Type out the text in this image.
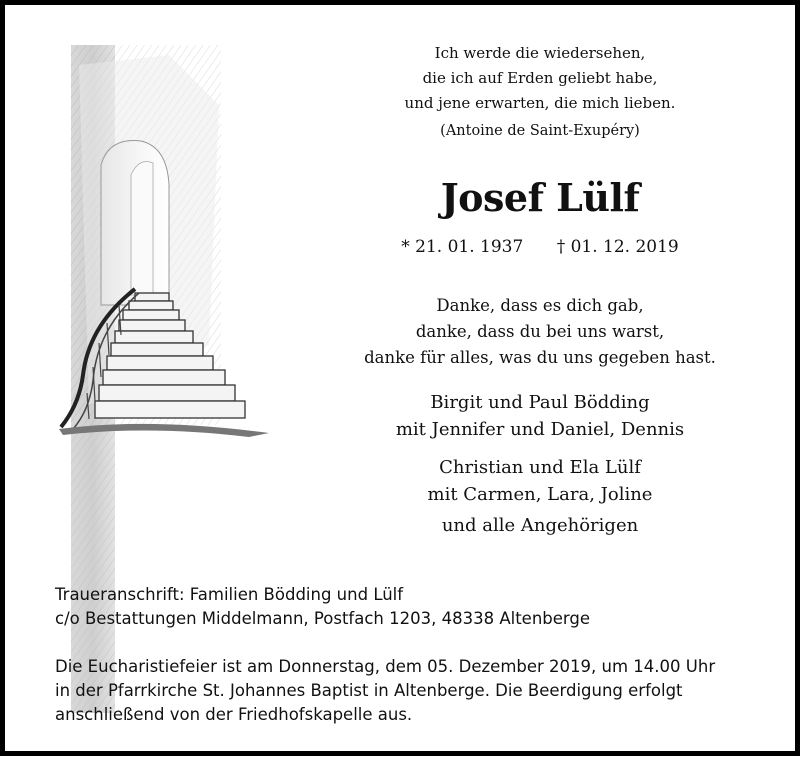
Ich werde die wiedersehen,
die ich auf Erden geliebt habe,
und jene erwarten, die mich lieben.
(Antoine de Saint-Exupéry)
Josef Lülf
* 21. 01. 1937 † 01. 12. 2019
Danke, dass es dich gab,
danke, dass du bei uns warst,
danke für alles, was du uns gegeben hast.
Birgit und Paul Bödding
mit Jennifer und Daniel, Dennis
Christian und Ela Lülf
mit Carmen, Lara, Joline
und alle Angehörigen
Traueranschrift: Familien Bödding und Lülf
c/o Bestattungen Middelmann, Postfach 1203, 48338 Altenberge
Die Eucharistiefeier ist am Donnerstag, dem 05. Dezember 2019, um 14.00 Uhr
in der Pfarrkirche St. Johannes Baptist in Altenberge. Die Beerdigung erfolgt
anschließend von der Friedhofskapelle aus.
